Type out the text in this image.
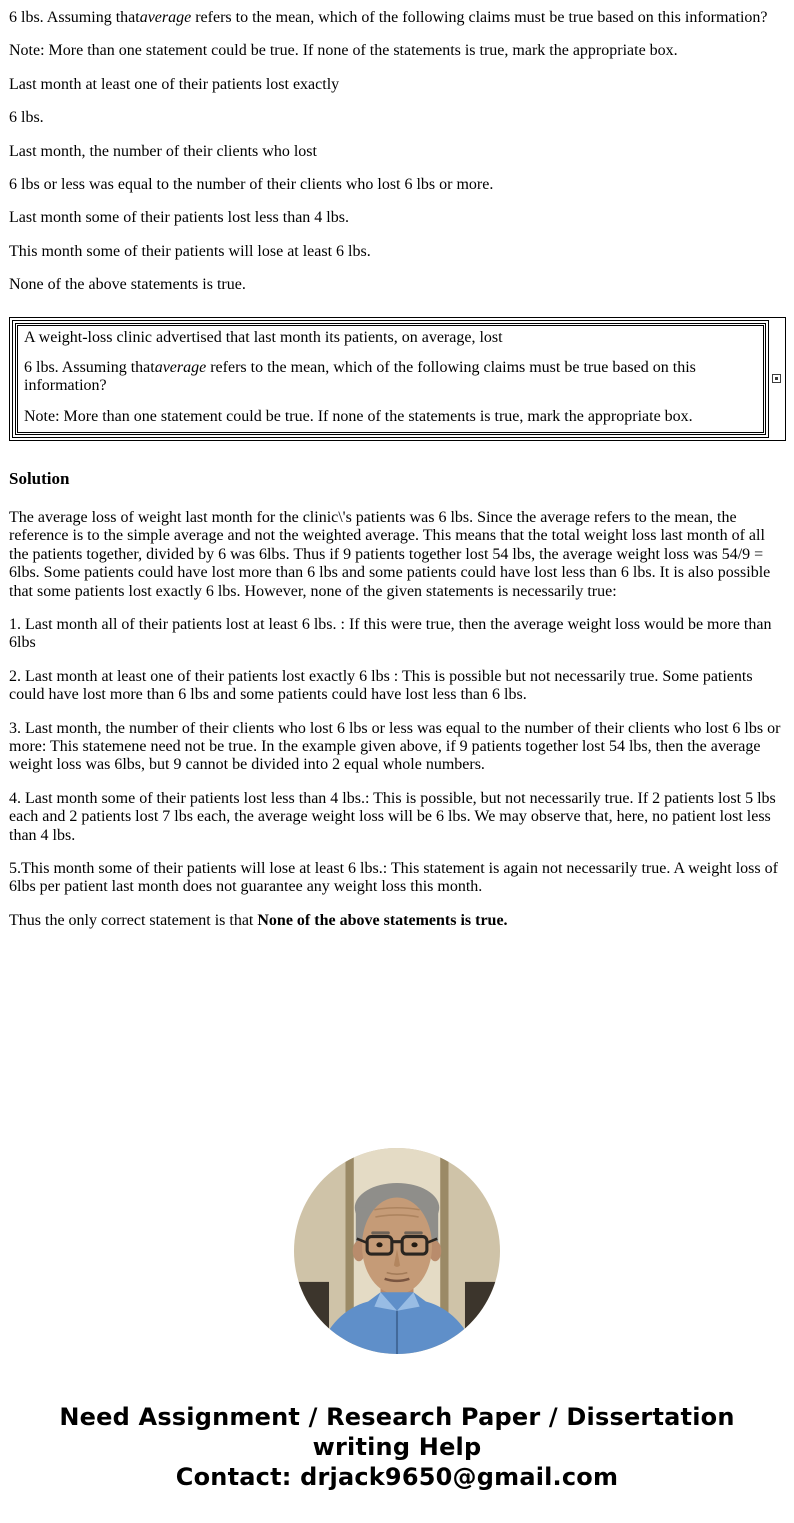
6 lbs. Assuming thataverage refers to the mean, which of the following claims must be true based on this information?

Note: More than one statement could be true. If none of the statements is true, mark the appropriate box.

Last month at least one of their patients lost exactly

6 lbs.

Last month, the number of their clients who lost

6 lbs or less was equal to the number of their clients who lost 6 lbs or more.

Last month some of their patients lost less than 4 lbs.

This month some of their patients will lose at least 6 lbs.

None of the above statements is true.

A weight-loss clinic advertised that last month its patients, on average, lost

6 lbs. Assuming thataverage refers to the mean, which of the following claims must be true based on this information?

Note: More than one statement could be true. If none of the statements is true, mark the appropriate box.

Solution

The average loss of weight last month for the clinic\'s patients was 6 lbs. Since the average refers to the mean, the reference is to the simple average and not the weighted average. This means that the total weight loss last month of all the patients together, divided by 6 was 6lbs. Thus if 9 patients together lost 54 lbs, the average weight loss was 54/9 = 6lbs. Some patients could have lost more than 6 lbs and some patients could have lost less than 6 lbs. It is also possible that some patients lost exactly 6 lbs. However, none of the given statements is necessarily true:

1. Last month all of their patients lost at least 6 lbs. : If this were true, then the average weight loss would be more than 6lbs

2. Last month at least one of their patients lost exactly 6 lbs : This is possible but not necessarily true. Some patients could have lost more than 6 lbs and some patients could have lost less than 6 lbs.

3. Last month, the number of their clients who lost 6 lbs or less was equal to the number of their clients who lost 6 lbs or more: This statemene need not be true. In the example given above, if 9 patients together lost 54 lbs, then the average weight loss was 6lbs, but 9 cannot be divided into 2 equal whole numbers.

4. Last month some of their patients lost less than 4 lbs.: This is possible, but not necessarily true. If 2 patients lost 5 lbs each and 2 patients lost 7 lbs each, the average weight loss will be 6 lbs. We may observe that, here, no patient lost less than 4 lbs.

5.This month some of their patients will lose at least 6 lbs.: This statement is again not necessarily true. A weight loss of 6lbs per patient last month does not guarantee any weight loss this month.

Thus the only correct statement is that None of the above statements is true.

Need Assignment / Research Paper / Dissertation
writing Help
Contact: drjack9650@gmail.com
